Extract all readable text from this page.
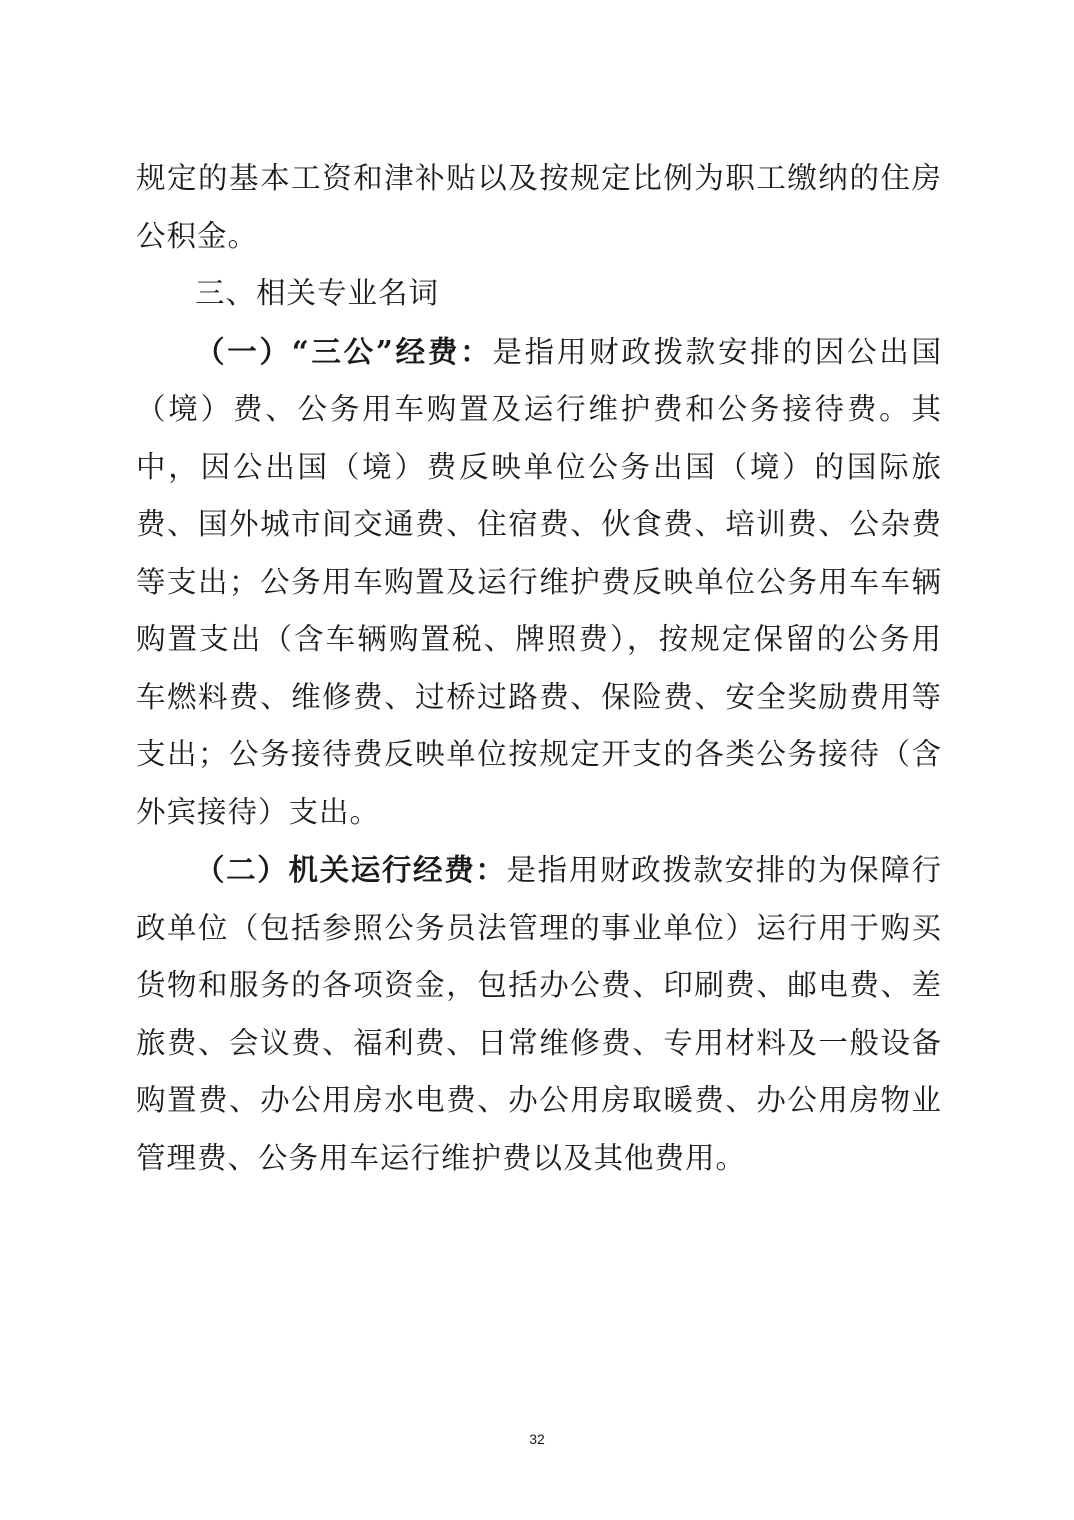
规定的基本工资和津补贴以及按规定比例为职工缴纳的住房公积金。

三、相关专业名词

（一）“三公”经费：是指用财政拨款安排的因公出国（境）费、公务用车购置及运行维护费和公务接待费。其中，因公出国（境）费反映单位公务出国（境）的国际旅费、国外城市间交通费、住宿费、伙食费、培训费、公杂费等支出；公务用车购置及运行维护费反映单位公务用车车辆购置支出（含车辆购置税、牌照费），按规定保留的公务用车燃料费、维修费、过桥过路费、保险费、安全奖励费用等支出；公务接待费反映单位按规定开支的各类公务接待（含外宾接待）支出。

（二）机关运行经费：是指用财政拨款安排的为保障行政单位（包括参照公务员法管理的事业单位）运行用于购买货物和服务的各项资金，包括办公费、印刷费、邮电费、差旅费、会议费、福利费、日常维修费、专用材料及一般设备购置费、办公用房水电费、办公用房取暖费、办公用房物业管理费、公务用车运行维护费以及其他费用。

32
